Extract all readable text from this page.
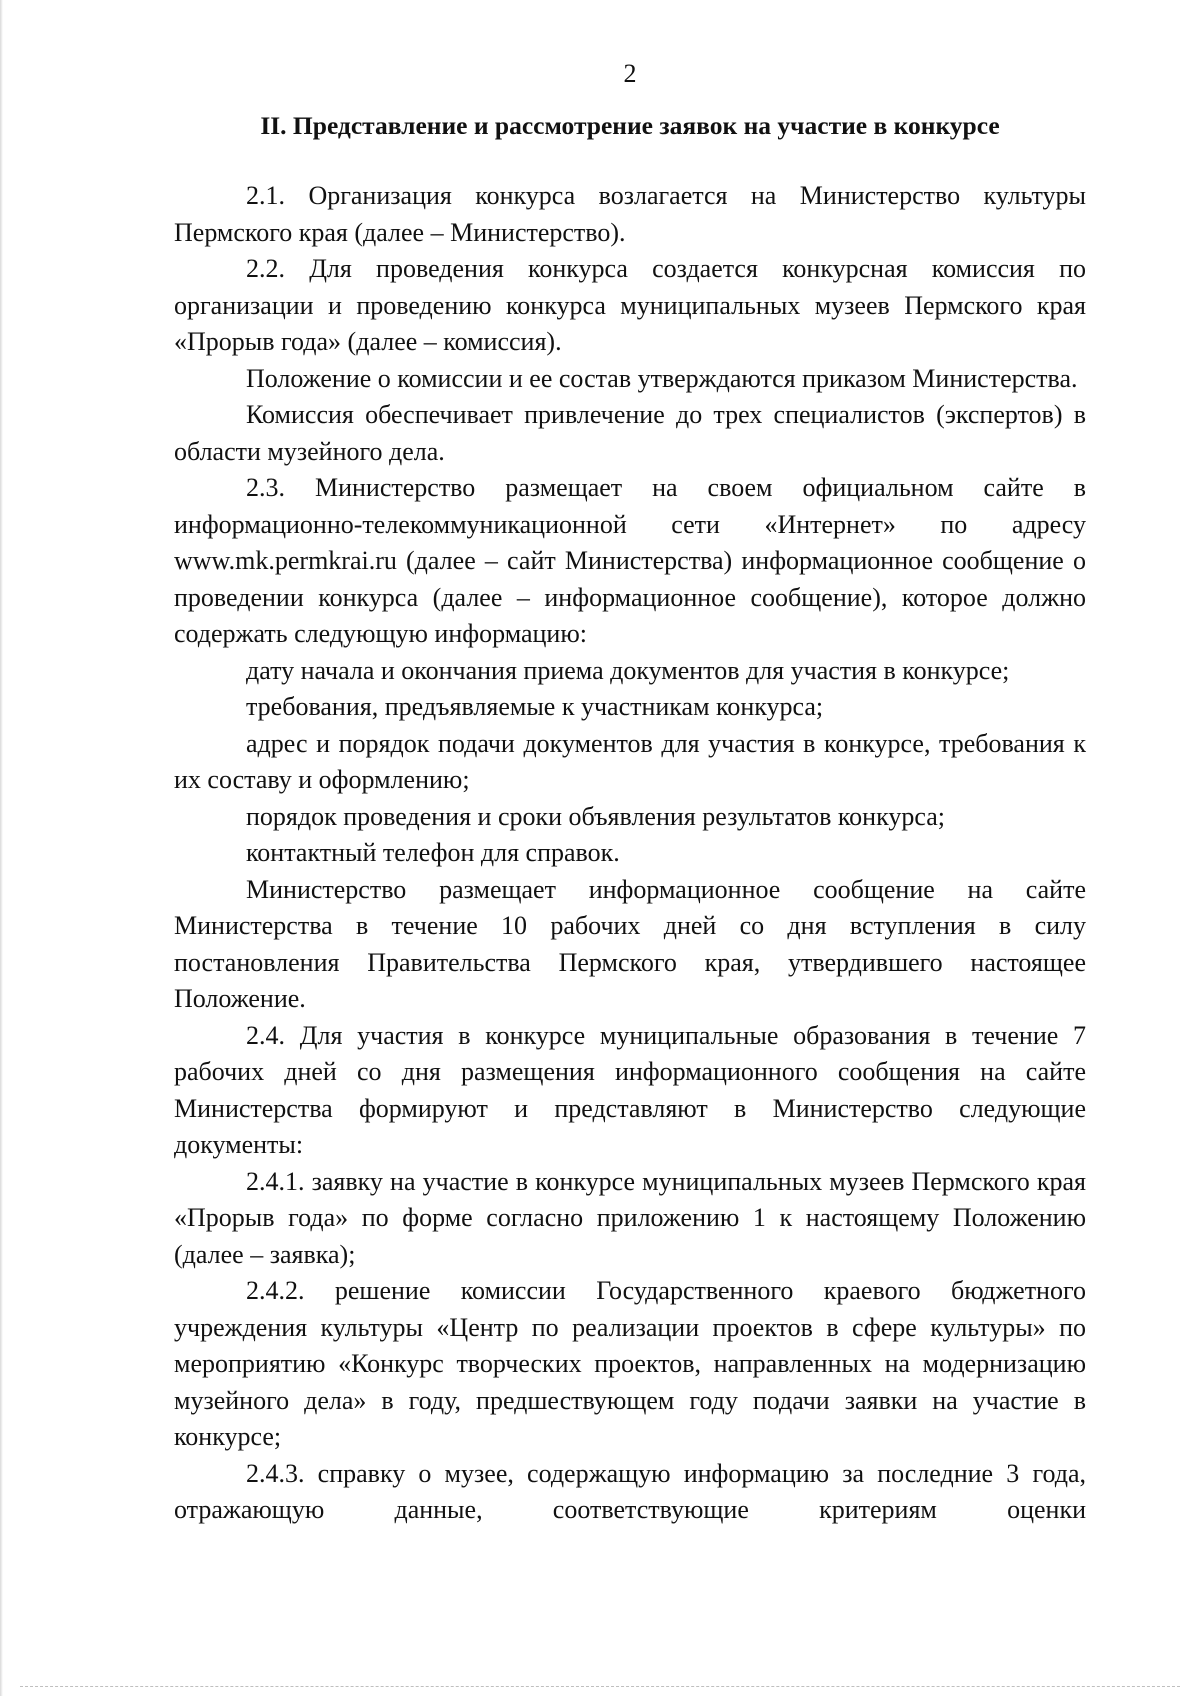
2
II. Представление и рассмотрение заявок на участие в конкурсе

2.1. Организация конкурса возлагается на Министерство культуры Пермского края (далее – Министерство).

2.2. Для проведения конкурса создается конкурсная комиссия по организации и проведению конкурса муниципальных музеев Пермского края «Прорыв года» (далее – комиссия).

Положение о комиссии и ее состав утверждаются приказом Министерства.

Комиссия обеспечивает привлечение до трех специалистов (экспертов) в области музейного дела.

2.3. Министерство размещает на своем официальном сайте в информационно-телекоммуникационной сети «Интернет» по адресу www.mk.permkrai.ru (далее – сайт Министерства) информационное сообщение о проведении конкурса (далее – информационное сообщение), которое должно содержать следующую информацию:

дату начала и окончания приема документов для участия в конкурсе;

требования, предъявляемые к участникам конкурса;

адрес и порядок подачи документов для участия в конкурсе, требования к их составу и оформлению;

порядок проведения и сроки объявления результатов конкурса;

контактный телефон для справок.

Министерство размещает информационное сообщение на сайте Министерства в течение 10 рабочих дней со дня вступления в силу постановления Правительства Пермского края, утвердившего настоящее Положение.

2.4. Для участия в конкурсе муниципальные образования в течение 7 рабочих дней со дня размещения информационного сообщения на сайте Министерства формируют и представляют в Министерство следующие документы:

2.4.1. заявку на участие в конкурсе муниципальных музеев Пермского края «Прорыв года» по форме согласно приложению 1 к настоящему Положению (далее – заявка);

2.4.2. решение комиссии Государственного краевого бюджетного учреждения культуры «Центр по реализации проектов в сфере культуры» по мероприятию «Конкурс творческих проектов, направленных на модернизацию музейного дела» в году, предшествующем году подачи заявки на участие в конкурсе;

2.4.3. справку о музее, содержащую информацию за последние 3 года, отражающую данные, соответствующие критериям оценки
